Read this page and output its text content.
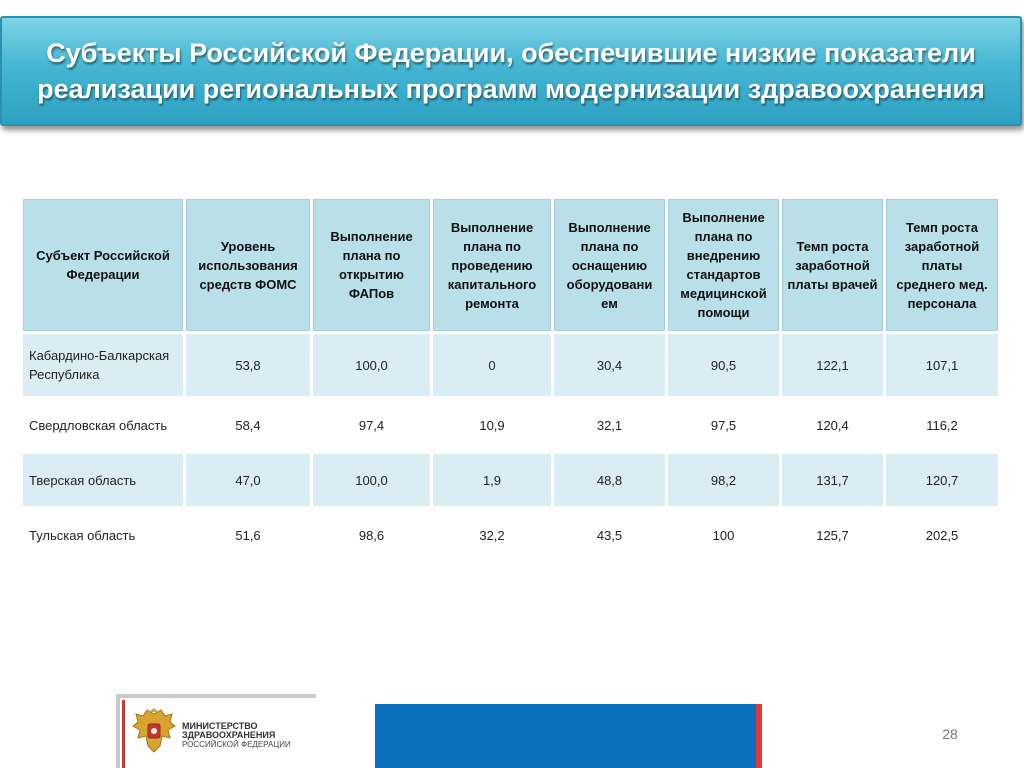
Субъекты Российской Федерации, обеспечившие низкие показатели
реализации региональных программ модернизации здравоохранения
Субъект Российской Федерации	Уровень использования средств ФОМС	Выполнение плана по открытию ФАПов	Выполнение плана по проведению капитального ремонта	Выполнение плана по оснащению оборудовани ем	Выполнение плана по внедрению стандартов медицинской помощи	Темп роста заработной платы врачей	Темп роста заработной платы среднего мед. персонала
Кабардино-Балкарская Республика	53,8	100,0	0	30,4	90,5	122,1	107,1
Свердловская область	58,4	97,4	10,9	32,1	97,5	120,4	116,2
Тверская область	47,0	100,0	1,9	48,8	98,2	131,7	120,7
Тульская область	51,6	98,6	32,2	43,5	100	125,7	202,5
МИНИСТЕРСТВО
ЗДРАВООХРАНЕНИЯ
РОССИЙСКОЙ ФЕДЕРАЦИИ
28
